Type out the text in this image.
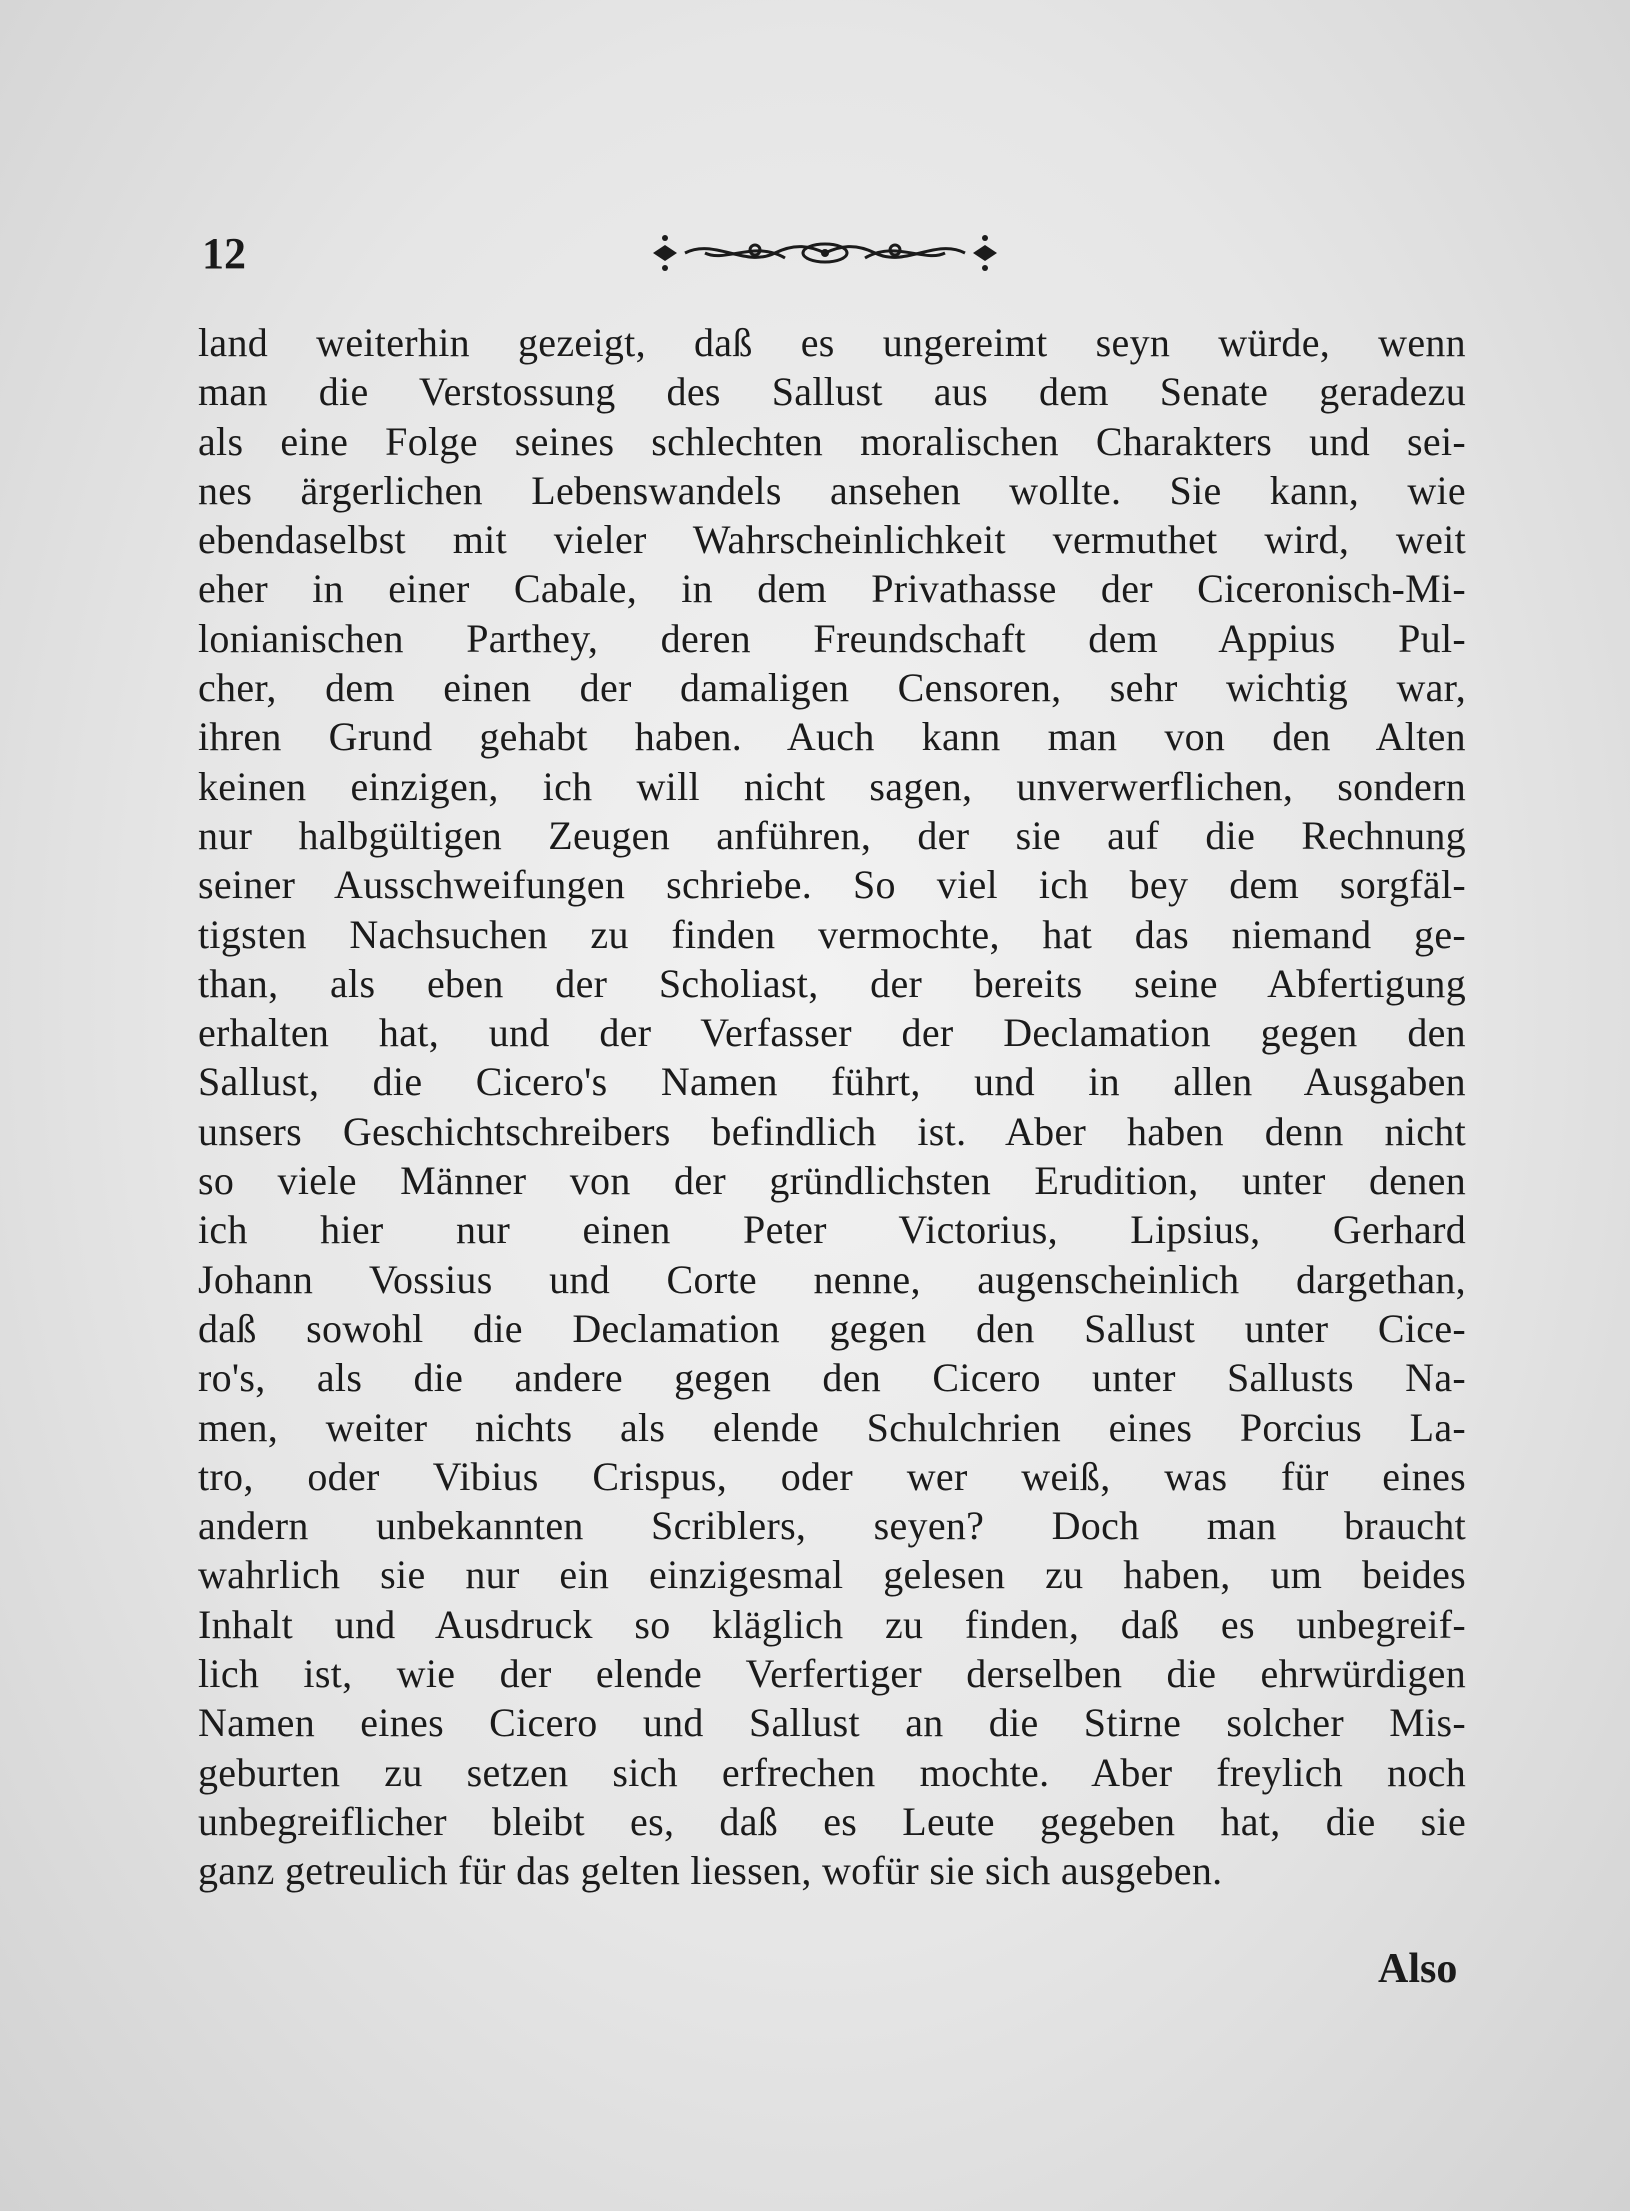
12
land weiterhin gezeigt, daß es ungereimt seyn würde, wenn
man die Verstossung des Sallust aus dem Senate geradezu
als eine Folge seines schlechten moralischen Charakters und sei-
nes ärgerlichen Lebenswandels ansehen wollte. Sie kann, wie
ebendaselbst mit vieler Wahrscheinlichkeit vermuthet wird, weit
eher in einer Cabale, in dem Privathasse der Ciceronisch-Mi-
lonianischen Parthey, deren Freundschaft dem Appius Pul-
cher, dem einen der damaligen Censoren, sehr wichtig war,
ihren Grund gehabt haben. Auch kann man von den Alten
keinen einzigen, ich will nicht sagen, unverwerflichen, sondern
nur halbgültigen Zeugen anführen, der sie auf die Rechnung
seiner Ausschweifungen schriebe. So viel ich bey dem sorgfäl-
tigsten Nachsuchen zu finden vermochte, hat das niemand ge-
than, als eben der Scholiast, der bereits seine Abfertigung
erhalten hat, und der Verfasser der Declamation gegen den
Sallust, die Cicero's Namen führt, und in allen Ausgaben
unsers Geschichtschreibers befindlich ist. Aber haben denn nicht
so viele Männer von der gründlichsten Erudition, unter denen
ich hier nur einen Peter Victorius, Lipsius, Gerhard
Johann Vossius und Corte nenne, augenscheinlich dargethan,
daß sowohl die Declamation gegen den Sallust unter Cice-
ro's, als die andere gegen den Cicero unter Sallusts Na-
men, weiter nichts als elende Schulchrien eines Porcius La-
tro, oder Vibius Crispus, oder wer weiß, was für eines
andern unbekannten Scriblers, seyen? Doch man braucht
wahrlich sie nur ein einzigesmal gelesen zu haben, um beides
Inhalt und Ausdruck so kläglich zu finden, daß es unbegreif-
lich ist, wie der elende Verfertiger derselben die ehrwürdigen
Namen eines Cicero und Sallust an die Stirne solcher Mis-
geburten zu setzen sich erfrechen mochte. Aber freylich noch
unbegreiflicher bleibt es, daß es Leute gegeben hat, die sie
ganz getreulich für das gelten liessen, wofür sie sich ausgeben.
Also
